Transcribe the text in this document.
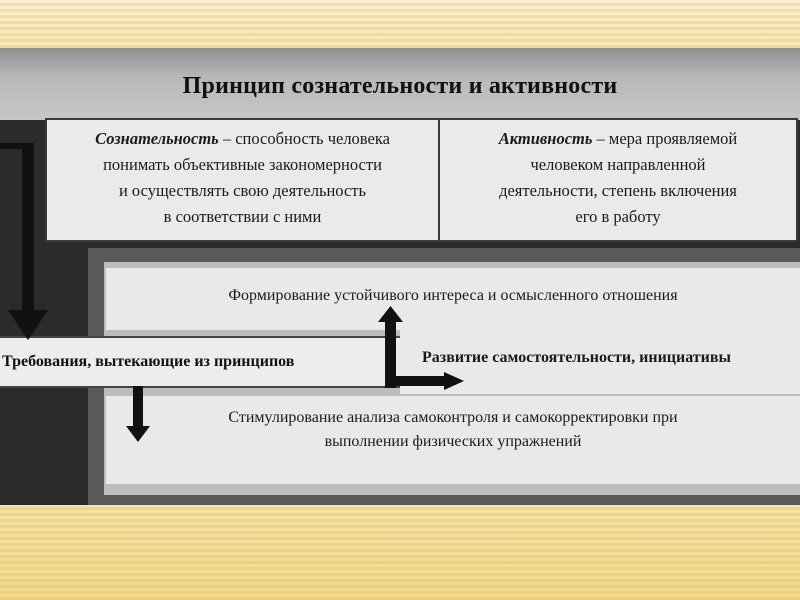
Принцип сознательности и активности
Сознательность – способность человека
понимать объективные закономерности
и осуществлять свою деятельность
в соответствии с ними
Активность – мера проявляемой
человеком направленной
деятельности, степень включения
его в работу
Формирование устойчивого интереса и осмысленного отношения
Развитие самостоятельности, инициативы
Стимулирование анализа самоконтроля и самокорректировки при
выполнении физических упражнений
Требования, вытекающие из принципов
